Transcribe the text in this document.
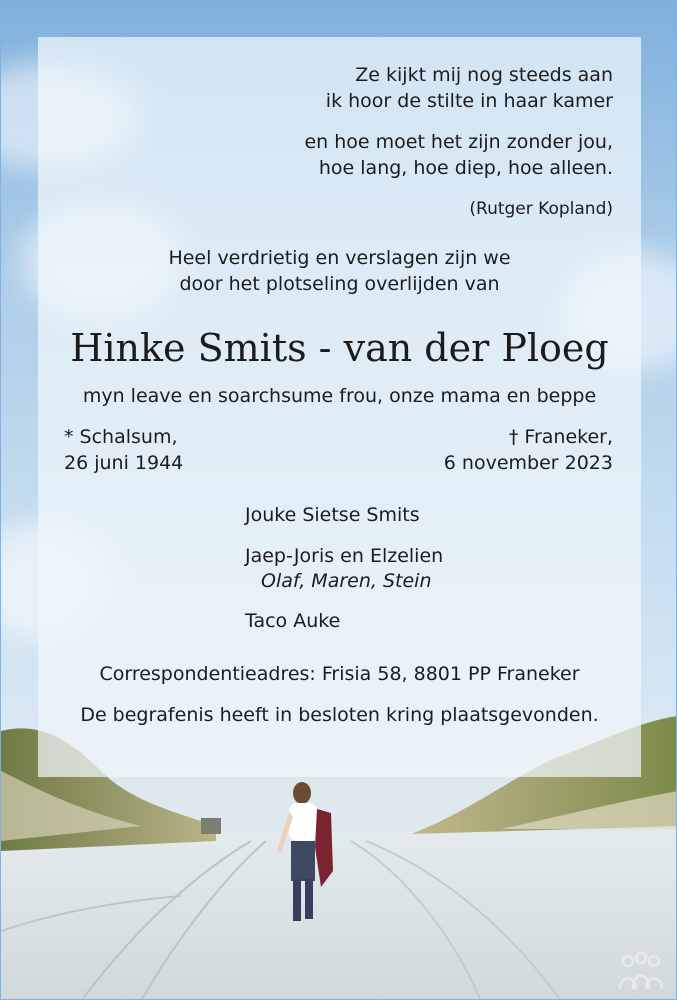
Ze kijkt mij nog steeds aan
ik hoor de stilte in haar kamer
en hoe moet het zijn zonder jou,
hoe lang, hoe diep, hoe alleen.
(Rutger Kopland)
Heel verdrietig en verslagen zijn we
door het plotseling overlijden van
Hinke Smits - van der Ploeg
myn leave en soarchsume frou, onze mama en beppe
* Schalsum,
26 juni 1944
† Franeker,
6 november 2023
Jouke Sietse Smits
Jaep-Joris en Elzelien
Olaf, Maren, Stein
Taco Auke
Correspondentieadres: Frisia 58, 8801 PP Franeker
De begrafenis heeft in besloten kring plaatsgevonden.
